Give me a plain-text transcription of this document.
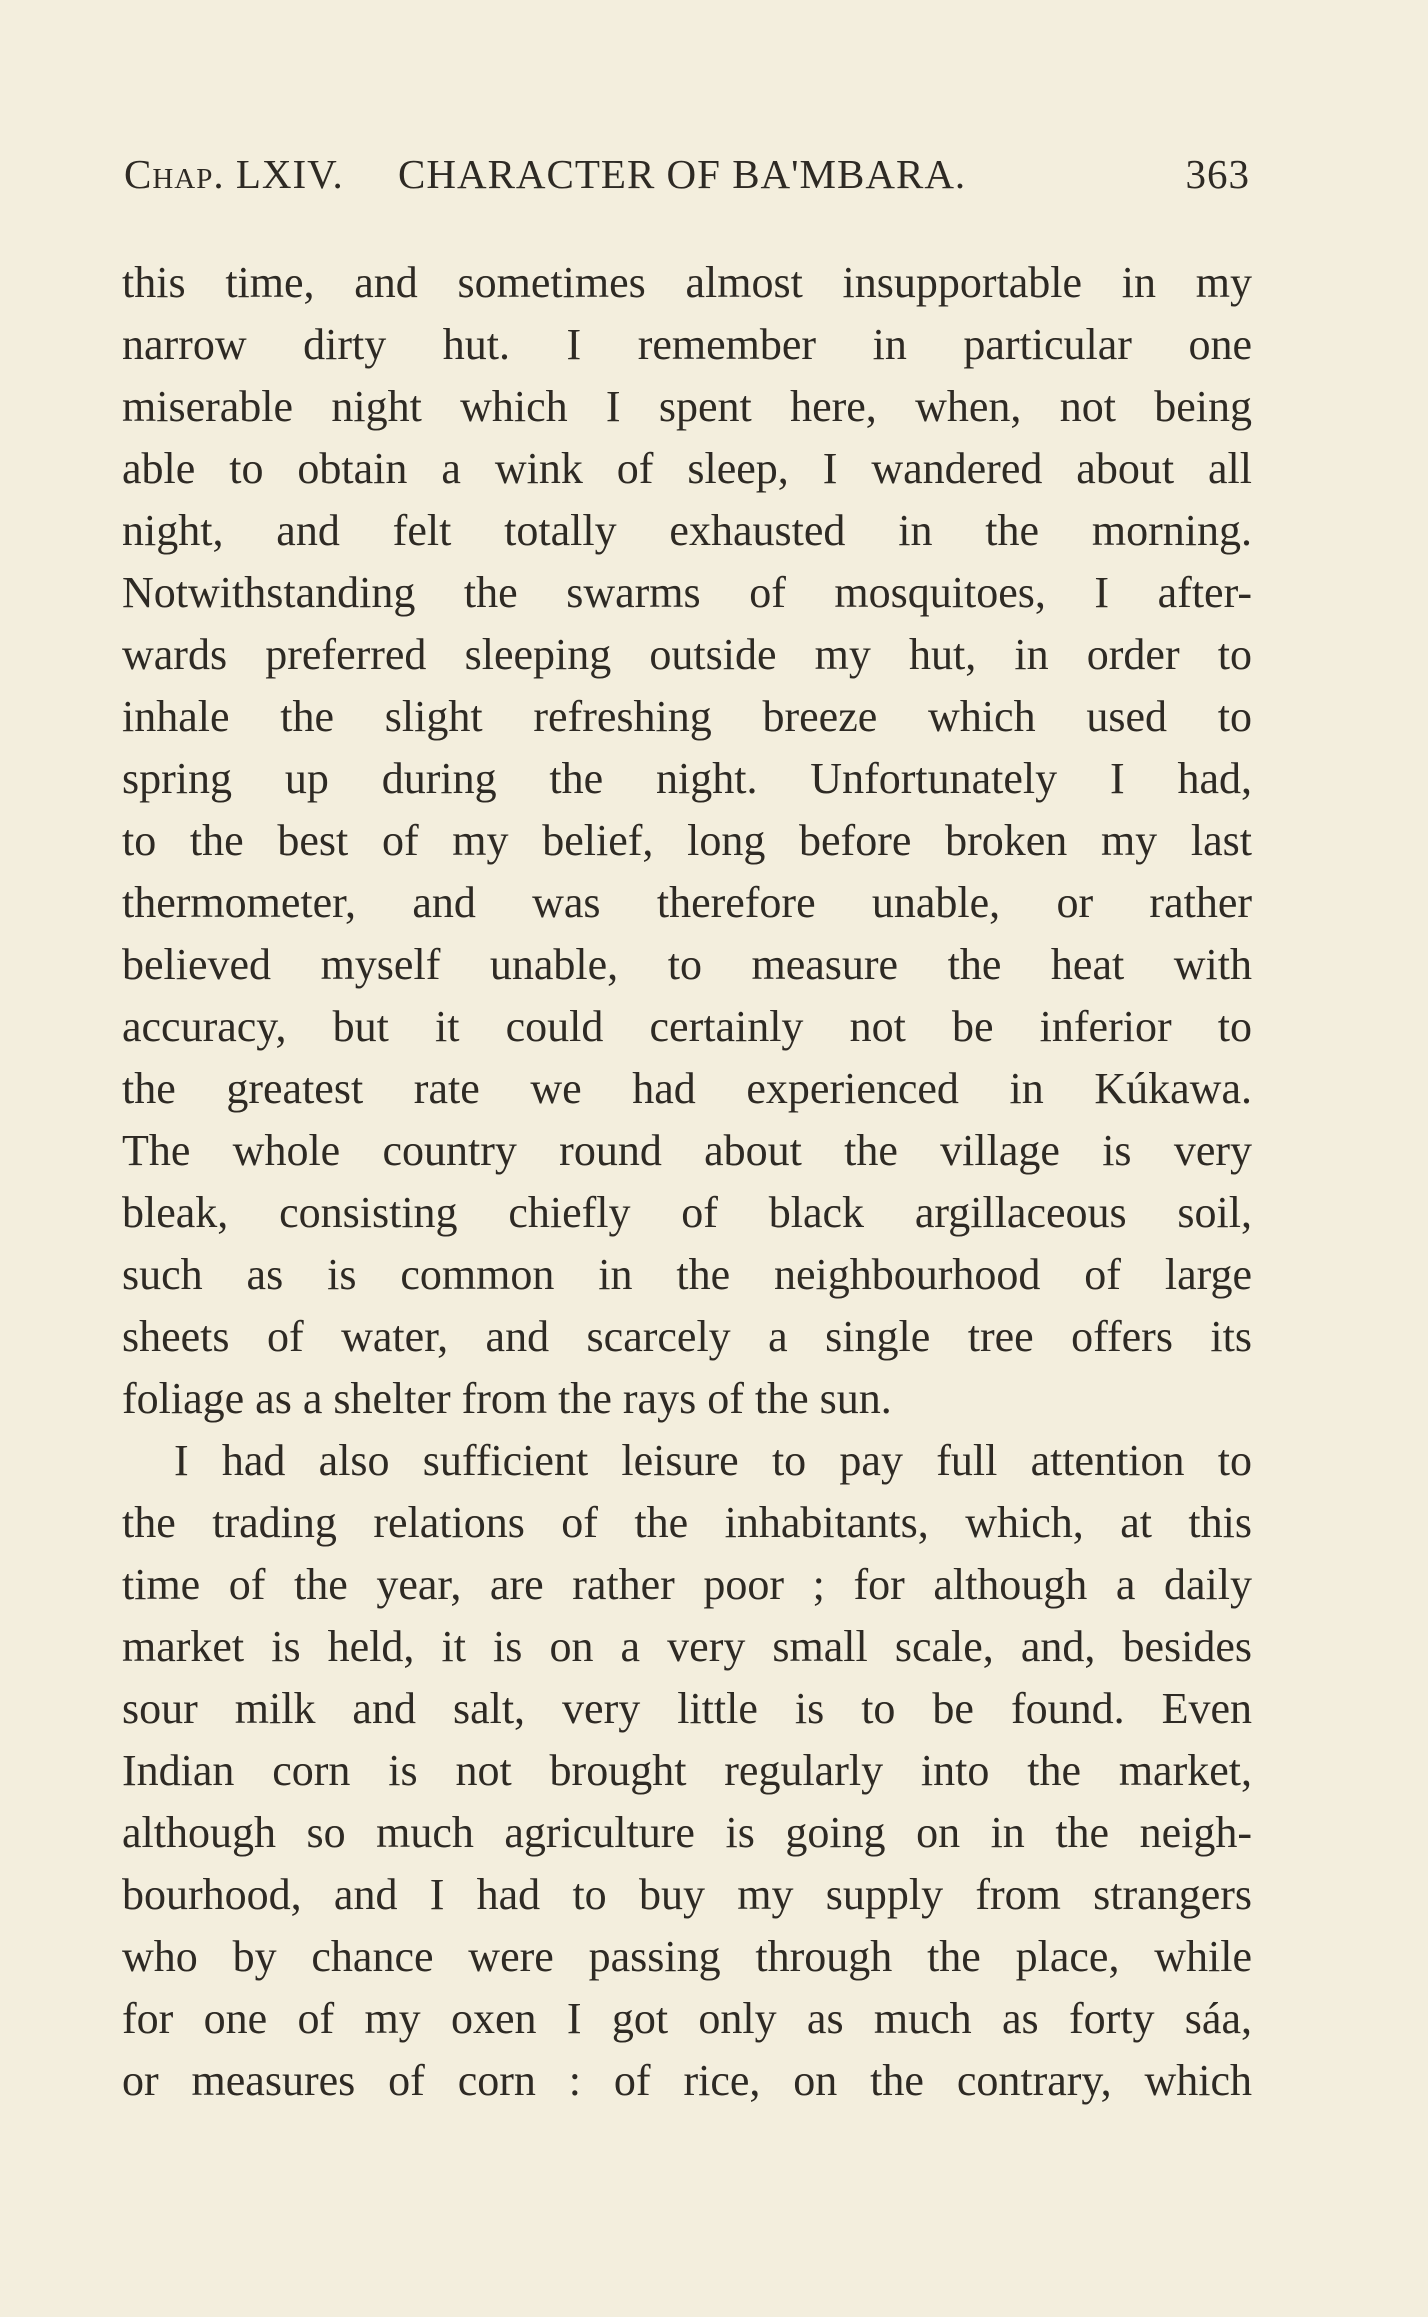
Chap. LXIV. CHARACTER OF BA'MBARA.	363
this time, and sometimes almost insupportable in my
narrow dirty hut. I remember in particular one
miserable night which I spent here, when, not being
able to obtain a wink of sleep, I wandered about all
night, and felt totally exhausted in the morning.
Notwithstanding the swarms of mosquitoes, I after-
wards preferred sleeping outside my hut, in order to
inhale the slight refreshing breeze which used to
spring up during the night. Unfortunately I had,
to the best of my belief, long before broken my last
thermometer, and was therefore unable, or rather
believed myself unable, to measure the heat with
accuracy, but it could certainly not be inferior to
the greatest rate we had experienced in Kúkawa.
The whole country round about the village is very
bleak, consisting chiefly of black argillaceous soil,
such as is common in the neighbourhood of large
sheets of water, and scarcely a single tree offers its
foliage as a shelter from the rays of the sun.
I had also sufficient leisure to pay full attention to
the trading relations of the inhabitants, which, at this
time of the year, are rather poor ; for although a daily
market is held, it is on a very small scale, and, besides
sour milk and salt, very little is to be found. Even
Indian corn is not brought regularly into the market,
although so much agriculture is going on in the neigh-
bourhood, and I had to buy my supply from strangers
who by chance were passing through the place, while
for one of my oxen I got only as much as forty sáa,
or measures of corn : of rice, on the contrary, which
